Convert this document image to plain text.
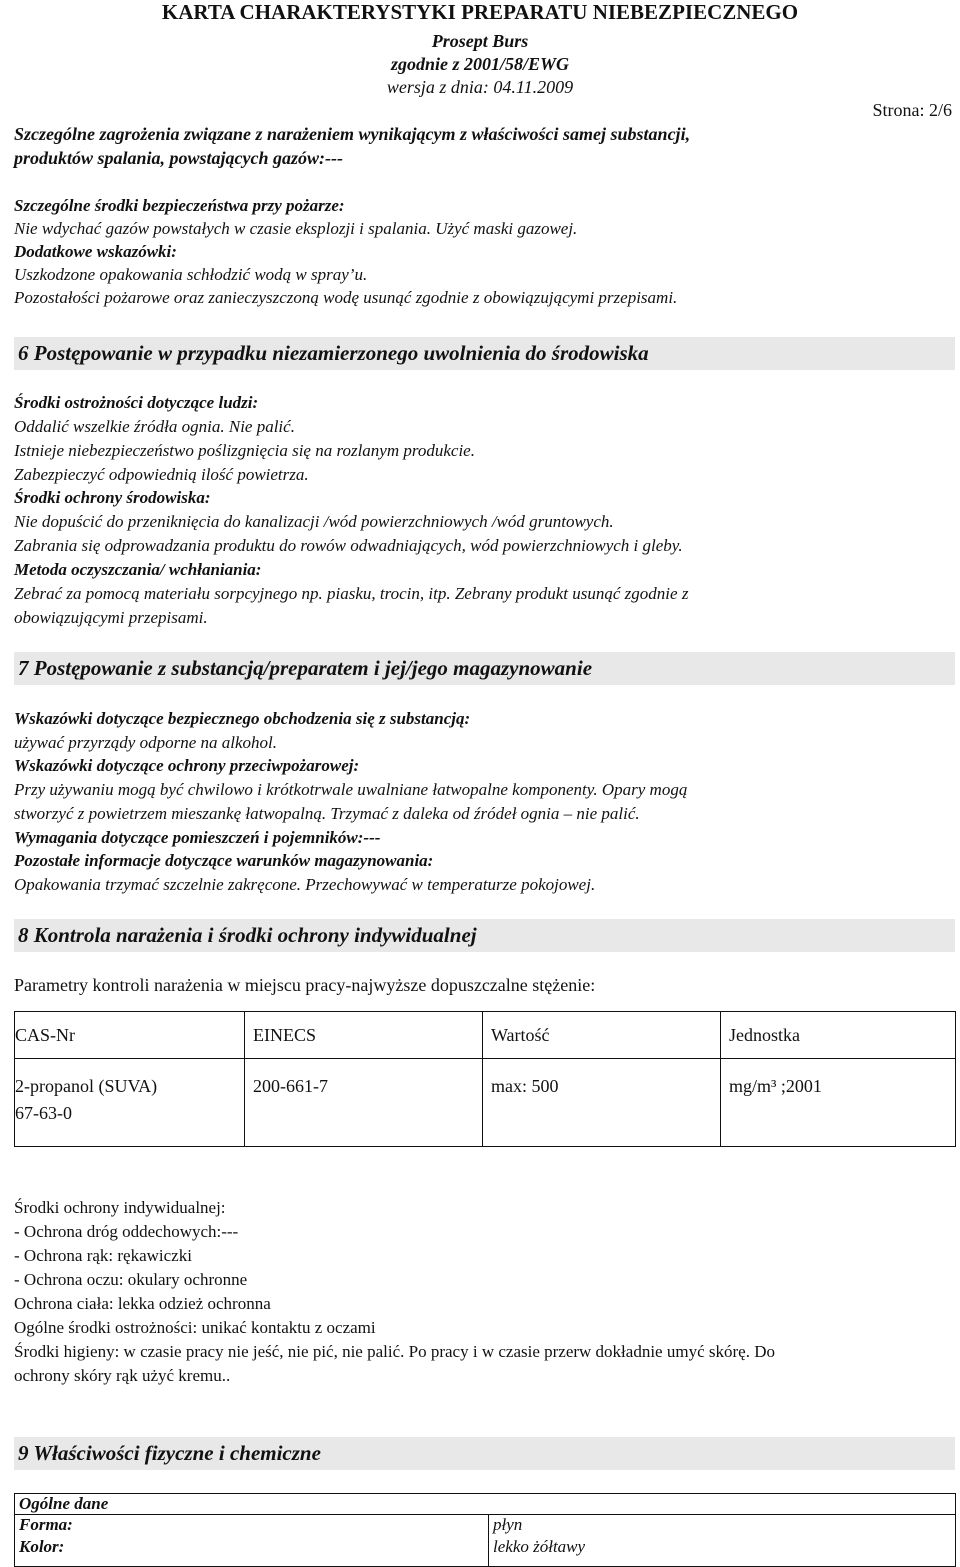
KARTA CHARAKTERYSTYKI PREPARATU NIEBEZPIECZNEGO
Prosept Burs
zgodnie z 2001/58/EWG
wersja z dnia: 04.11.2009
Strona: 2/6
Szczególne zagrożenia związane z narażeniem wynikającym z właściwości samej substancji,
produktów spalania, powstających gazów:---
Szczególne środki bezpieczeństwa przy pożarze:
Nie wdychać gazów powstałych w czasie eksplozji i spalania. Użyć maski gazowej.
Dodatkowe wskazówki:
Uszkodzone opakowania schłodzić wodą w spray’u.
Pozostałości pożarowe oraz zanieczyszczoną wodę usunąć zgodnie z obowiązującymi przepisami.
6 Postępowanie w przypadku niezamierzonego uwolnienia do środowiska
Środki ostrożności dotyczące ludzi:
Oddalić wszelkie źródła ognia. Nie palić.
Istnieje niebezpieczeństwo poślizgnięcia się na rozlanym produkcie.
Zabezpieczyć odpowiednią ilość powietrza.
Środki ochrony środowiska:
Nie dopuścić do przeniknięcia do kanalizacji /wód powierzchniowych /wód gruntowych.
Zabrania się odprowadzania produktu do rowów odwadniających, wód powierzchniowych i gleby.
Metoda oczyszczania/ wchłaniania:
Zebrać za pomocą materiału sorpcyjnego np. piasku, trocin, itp. Zebrany produkt usunąć zgodnie z
obowiązującymi przepisami.
7 Postępowanie z substancją/preparatem i jej/jego magazynowanie
Wskazówki dotyczące bezpiecznego obchodzenia się z substancją:
używać przyrządy odporne na alkohol.
Wskazówki dotyczące ochrony przeciwpożarowej:
Przy używaniu mogą być chwilowo i krótkotrwale uwalniane łatwopalne komponenty. Opary mogą
stworzyć z powietrzem mieszankę łatwopalną. Trzymać z daleka od źródeł ognia – nie palić.
Wymagania dotyczące pomieszczeń i pojemników:---
Pozostałe informacje dotyczące warunków magazynowania:
Opakowania trzymać szczelnie zakręcone. Przechowywać w temperaturze pokojowej.
8 Kontrola narażenia i środki ochrony indywidualnej
Parametry kontroli narażenia w miejscu pracy-najwyższe dopuszczalne stężenie:
CAS-Nr	EINECS	Wartość	Jednostka

2-propanol (SUVA)
67-63-0	200-661-7	max: 500	mg/m³ ;2001
Środki ochrony indywidualnej:
- Ochrona dróg oddechowych:---
- Ochrona rąk: rękawiczki
- Ochrona oczu: okulary ochronne
Ochrona ciała: lekka odzież ochronna
Ogólne środki ostrożności: unikać kontaktu z oczami
Środki higieny: w czasie pracy nie jeść, nie pić, nie palić. Po pracy i w czasie przerw dokładnie umyć skórę. Do
ochrony skóry rąk użyć kremu..
9 Właściwości fizyczne i chemiczne
Ogólne dane	
Forma:	płyn
Kolor:	lekko żółtawy
